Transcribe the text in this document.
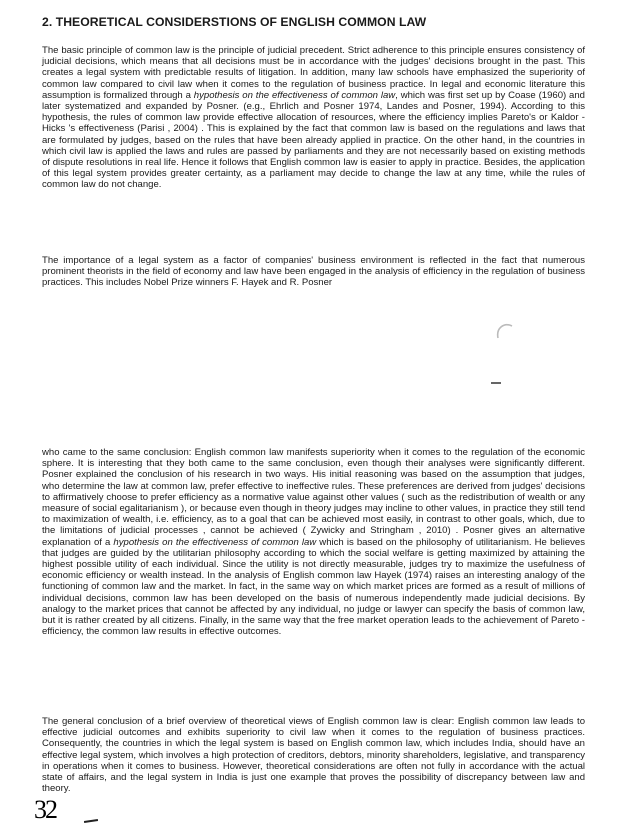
2. THEORETICAL CONSIDERSTIONS OF ENGLISH COMMON LAW

The basic principle of common law is the principle of judicial precedent. Strict adherence to this principle ensures consistency of judicial decisions, which means that all decisions must be in accordance with the judges' decisions brought in the past. This creates a legal system with predictable results of litigation. In addition, many law schools have emphasized the superiority of common law compared to civil law when it comes to the regulation of business practice. In legal and economic literature this assumption is formalized through a hypothesis on the effectiveness of common law, which was first set up by Coase (1960) and later systematized and expanded by Posner. (e.g., Ehrlich and Posner 1974, Landes and Posner, 1994). According to this hypothesis, the rules of common law provide effective allocation of resources, where the efficiency implies Pareto's or Kaldor - Hicks 's effectiveness (Parisi , 2004) . This is explained by the fact that common law is based on the regulations and laws that are formulated by judges, based on the rules that have been already applied in practice. On the other hand, in the countries in which civil law is applied the laws and rules are passed by parliaments and they are not necessarily based on existing methods of dispute resolutions in real life. Hence it follows that English common law is easier to apply in practice. Besides, the application of this legal system provides greater certainty, as a parliament may decide to change the law at any time, while the rules of common law do not change.

The importance of a legal system as a factor of companies' business environment is reflected in the fact that numerous prominent theorists in the field of economy and law have been engaged in the analysis of efficiency in the regulation of business practices. This includes Nobel Prize winners F. Hayek and R. Posner

who came to the same conclusion: English common law manifests superiority when it comes to the regulation of the economic sphere. It is interesting that they both came to the same conclusion, even though their analyses were significantly different. Posner explained the conclusion of his research in two ways. His initial reasoning was based on the assumption that judges, who determine the law at common law, prefer effective to ineffective rules. These preferences are derived from judges' decisions to affirmatively choose to prefer efficiency as a normative value against other values ( such as the redistribution of wealth or any measure of social egalitarianism ), or because even though in theory judges may incline to other values, in practice they still tend to maximization of wealth, i.e. efficiency, as to a goal that can be achieved most easily, in contrast to other goals, which, due to the limitations of judicial processes , cannot be achieved ( Zywicky and Stringham , 2010) . Posner gives an alternative explanation of a hypothesis on the effectiveness of common law which is based on the philosophy of utilitarianism. He believes that judges are guided by the utilitarian philosophy according to which the social welfare is getting maximized by attaining the highest possible utility of each individual. Since the utility is not directly measurable, judges try to maximize the usefulness of economic efficiency or wealth instead. In the analysis of English common law Hayek (1974) raises an interesting analogy of the functioning of common law and the market. In fact, in the same way on which market prices are formed as a result of millions of individual decisions, common law has been developed on the basis of numerous independently made judicial decisions. By analogy to the market prices that cannot be affected by any individual, no judge or lawyer can specify the basis of common law, but it is rather created by all citizens. Finally, in the same way that the free market operation leads to the achievement of Pareto - efficiency, the common law results in effective outcomes.

The general conclusion of a brief overview of theoretical views of English common law is clear: English common law leads to effective judicial outcomes and exhibits superiority to civil law when it comes to the regulation of business practices. Consequently, the countries in which the legal system is based on English common law, which includes India, should have an effective legal system, which involves a high protection of creditors, debtors, minority shareholders, legislative, and transparency in operations when it comes to business. However, theoretical considerations are often not fully in accordance with the actual state of affairs, and the legal system in India is just one example that proves the possibility of discrepancy between law and theory.

32
